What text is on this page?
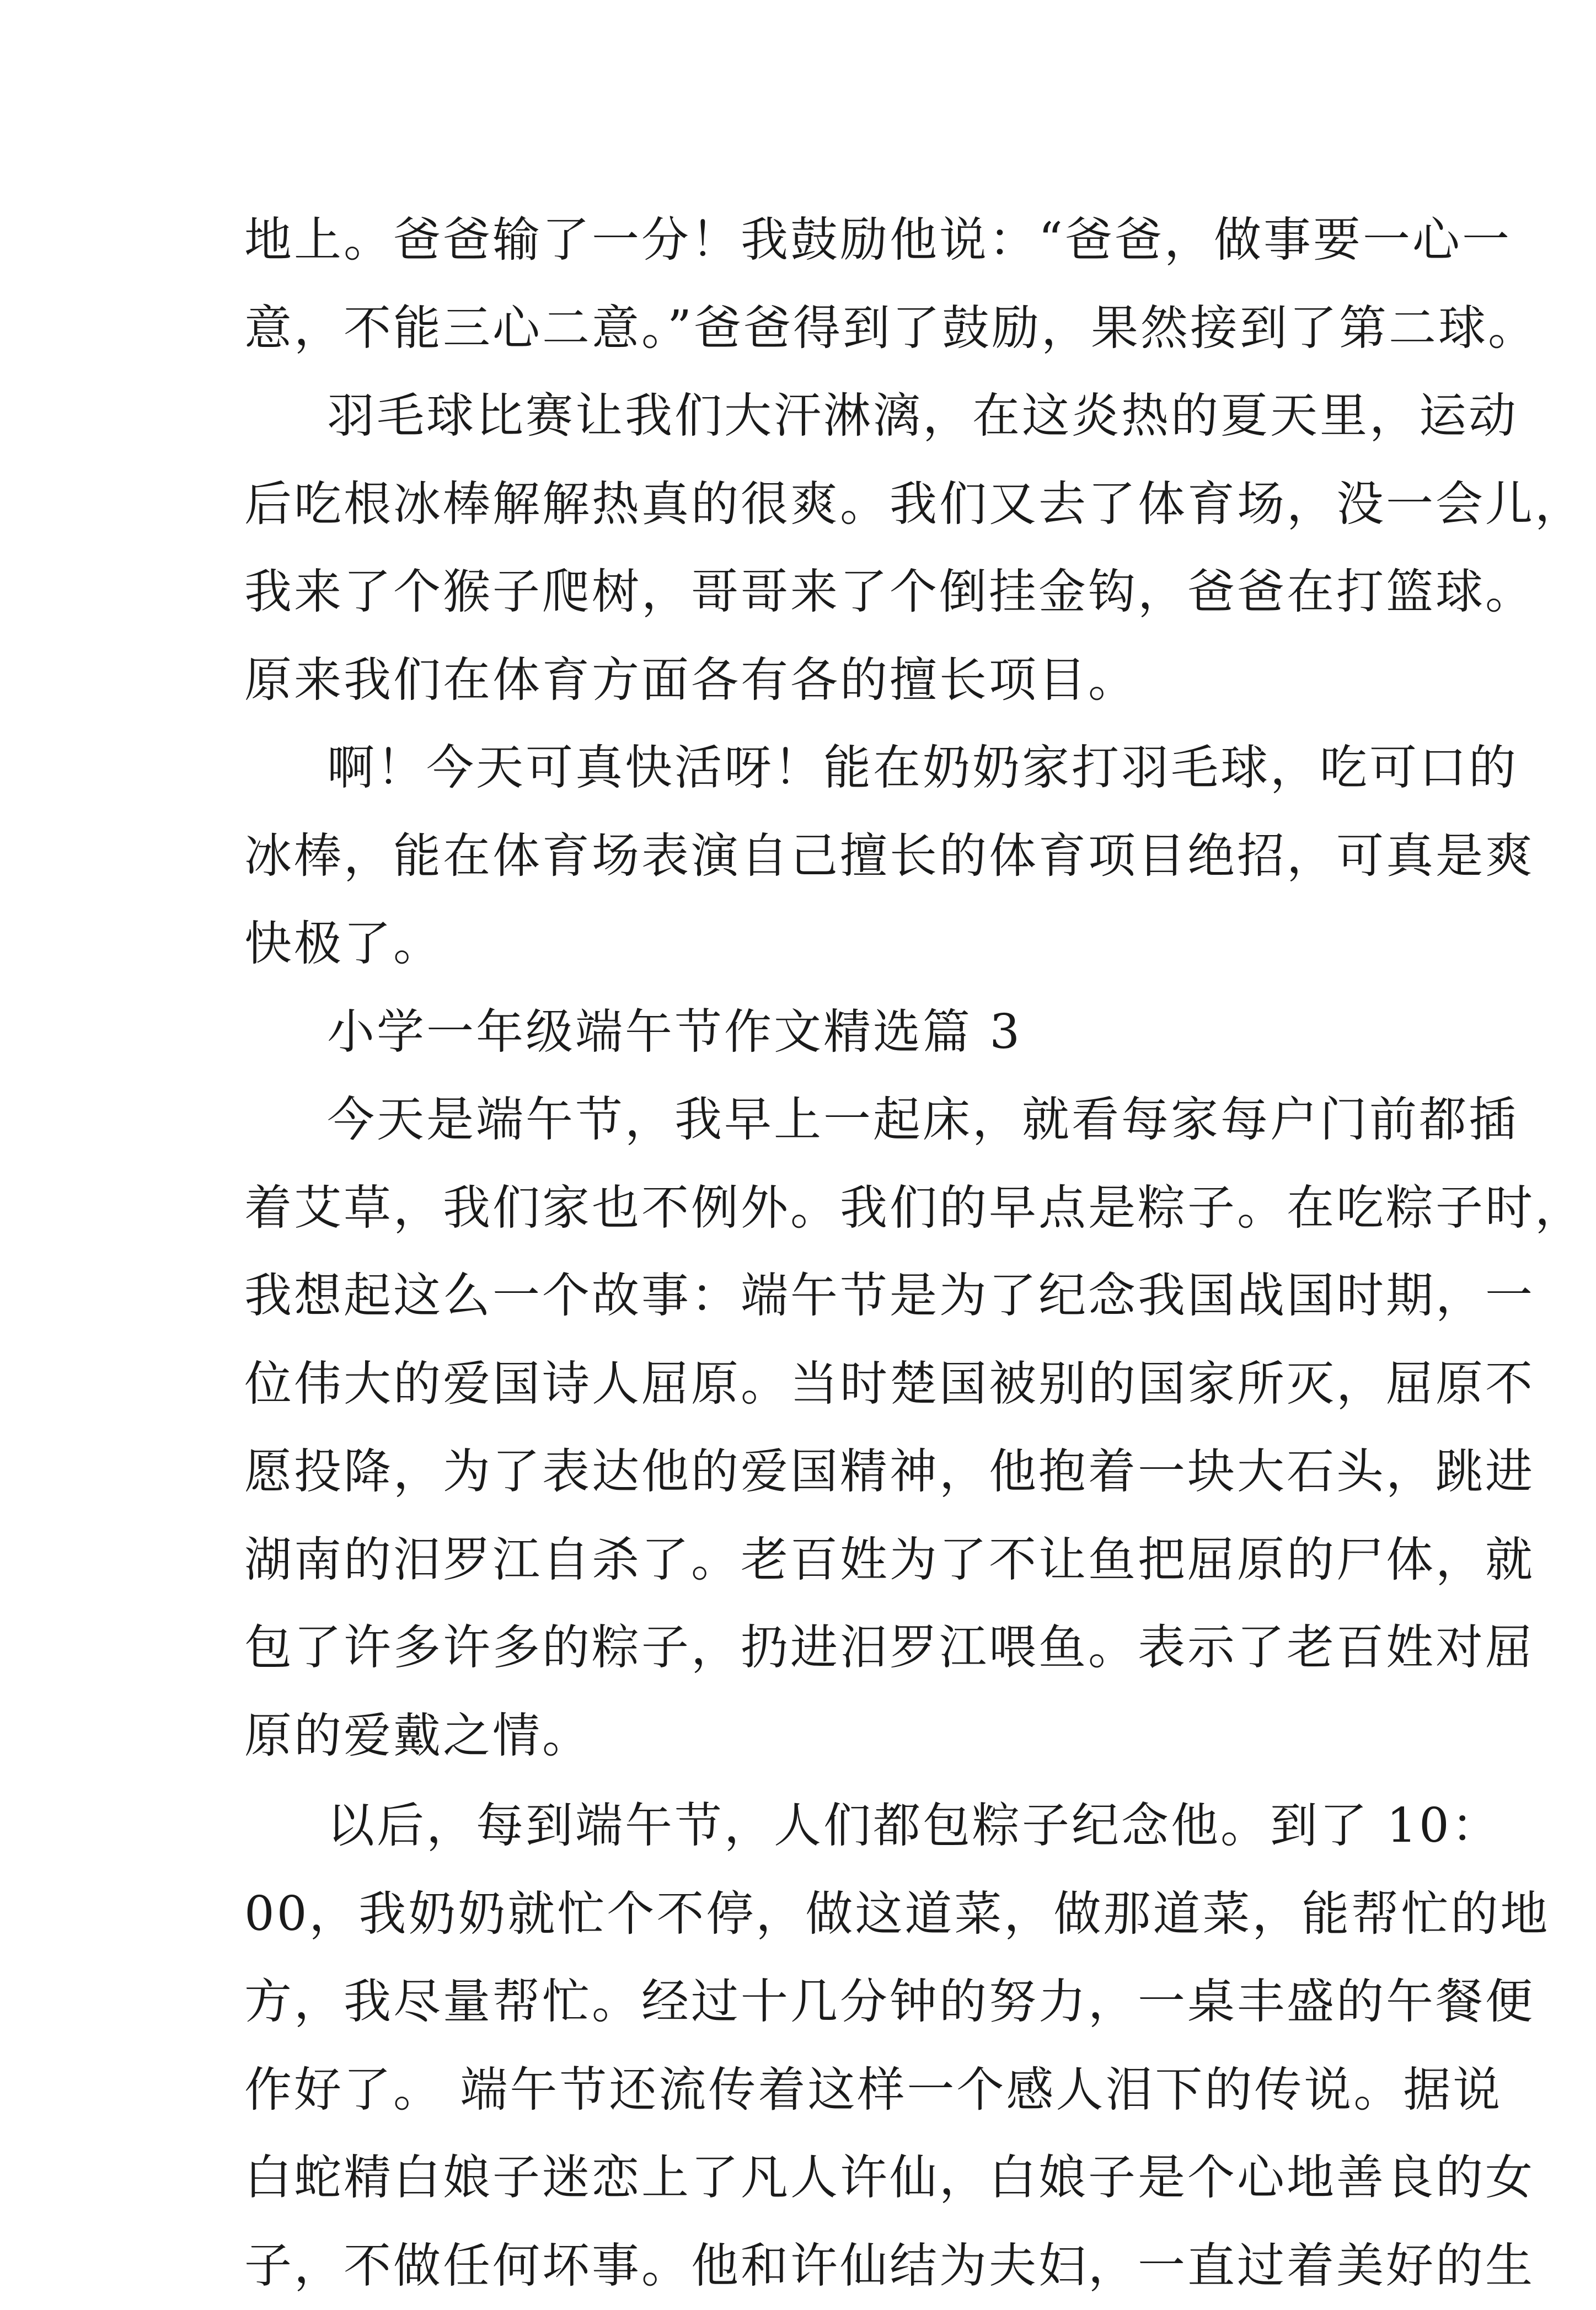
地上。爸爸输了一分！我鼓励他说：“爸爸，做事要一心一
意，不能三心二意。”爸爸得到了鼓励，果然接到了第二球。
羽毛球比赛让我们大汗淋漓，在这炎热的夏天里，运动
后吃根冰棒解解热真的很爽。我们又去了体育场，没一会儿，
我来了个猴子爬树，哥哥来了个倒挂金钩，爸爸在打篮球。
原来我们在体育方面各有各的擅长项目。
啊！今天可真快活呀！能在奶奶家打羽毛球，吃可口的
冰棒，能在体育场表演自己擅长的体育项目绝招，可真是爽
快极了。
小学一年级端午节作文精选篇 3
今天是端午节，我早上一起床，就看每家每户门前都插
着艾草，我们家也不例外。我们的早点是粽子。在吃粽子时，
我想起这么一个故事：端午节是为了纪念我国战国时期，一
位伟大的爱国诗人屈原。当时楚国被别的国家所灭，屈原不
愿投降，为了表达他的爱国精神，他抱着一块大石头，跳进
湖南的汨罗江自杀了。老百姓为了不让鱼把屈原的尸体，就
包了许多许多的粽子，扔进汨罗江喂鱼。表示了老百姓对屈
原的爱戴之情。
以后，每到端午节，人们都包粽子纪念他。到了 10：
00，我奶奶就忙个不停，做这道菜，做那道菜，能帮忙的地
方，我尽量帮忙。经过十几分钟的努力，一桌丰盛的午餐便
作好了。 端午节还流传着这样一个感人泪下的传说。据说
白蛇精白娘子迷恋上了凡人许仙，白娘子是个心地善良的女
子，不做任何坏事。他和许仙结为夫妇，一直过着美好的生
